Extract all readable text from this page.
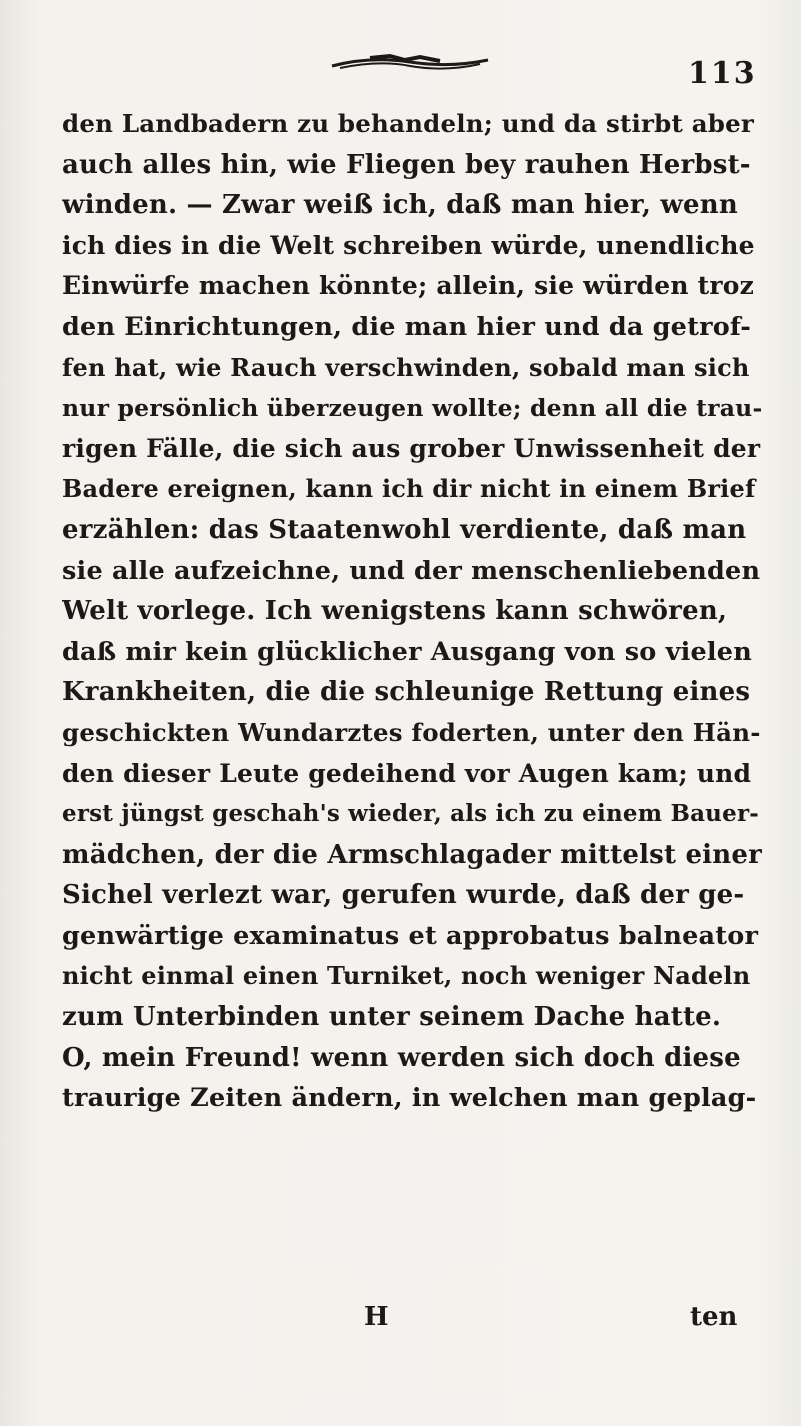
113
den Landbadern zu behandeln; und da stirbt aber
auch alles hin, wie Fliegen bey rauhen Herbst-
winden. — Zwar weiß ich, daß man hier, wenn
ich dies in die Welt schreiben würde, unendliche
Einwürfe machen könnte; allein, sie würden troz
den Einrichtungen, die man hier und da getrof-
fen hat, wie Rauch verschwinden, sobald man sich
nur persönlich überzeugen wollte; denn all die trau-
rigen Fälle, die sich aus grober Unwissenheit der
Badere ereignen, kann ich dir nicht in einem Brief
erzählen: das Staatenwohl verdiente, daß man
sie alle aufzeichne, und der menschenliebenden
Welt vorlege. Ich wenigstens kann schwören,
daß mir kein glücklicher Ausgang von so vielen
Krankheiten, die die schleunige Rettung eines
geschickten Wundarztes foderten, unter den Hän-
den dieser Leute gedeihend vor Augen kam; und
erst jüngst geschah's wieder, als ich zu einem Bauer-
mädchen, der die Armschlagader mittelst einer
Sichel verlezt war, gerufen wurde, daß der ge-
genwärtige examinatus et approbatus balneator
nicht einmal einen Turniket, noch weniger Nadeln
zum Unterbinden unter seinem Dache hatte.
O, mein Freund! wenn werden sich doch diese
traurige Zeiten ändern, in welchen man geplag-
H	ten
